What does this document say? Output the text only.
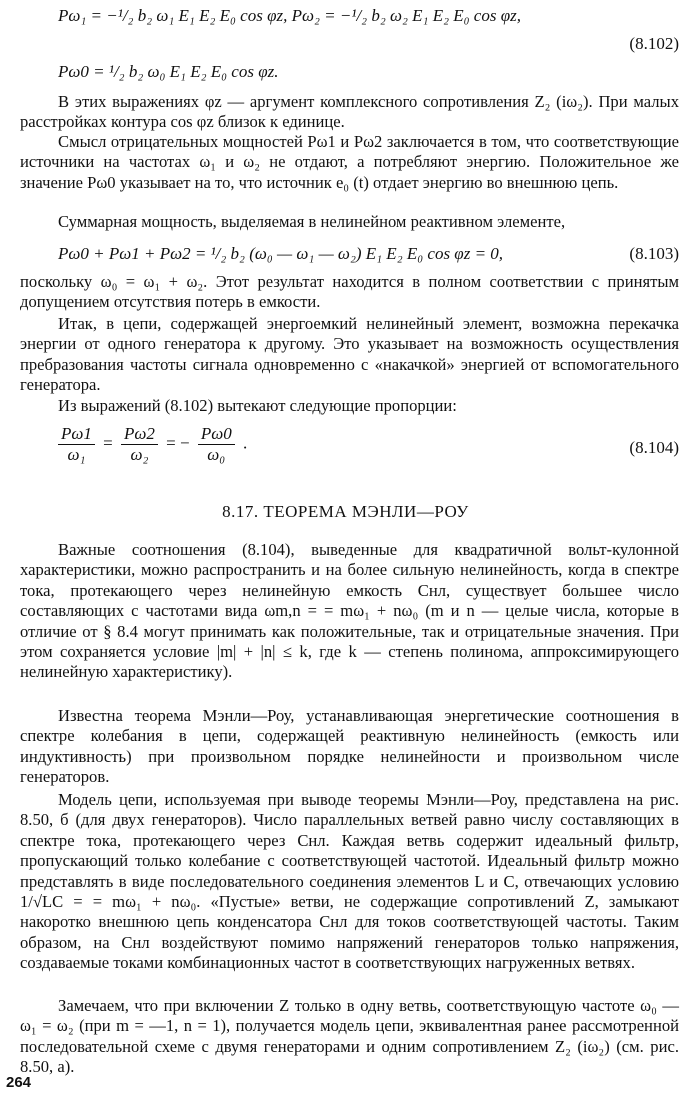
Pω₁ = −¹/₂ b₂ ω₁ E₁ E₂ E₀ cos φz, Pω₂ = −¹/₂ b₂ ω₂ E₁ E₂ E₀ cos φz,
(8.102)
Pω0 = ¹/₂ b₂ ω₀ E₁ E₂ E₀ cos φz.

В этих выражениях φz — аргумент комплексного сопротивления Z₂ (iω₂). При малых расстройках контура cos φz близок к единице.

Смысл отрицательных мощностей Pω1 и Pω2 заключается в том, что соответствующие источники на частотах ω₁ и ω₂ не отдают, а потребляют энергию. Положительное же значение Pω0 указывает на то, что источник e₀ (t) отдает энергию во внешнюю цепь.

Суммарная мощность, выделяемая в нелинейном реактивном элементе,

Pω0 + Pω1 + Pω2 = ¹/₂ b₂ (ω₀ — ω₁ — ω₂) E₁ E₂ E₀ cos φz = 0,	(8.103)

поскольку ω₀ = ω₁ + ω₂. Этот результат находится в полном соответствии с принятым допущением отсутствия потерь в емкости.

Итак, в цепи, содержащей энергоемкий нелинейный элемент, возможна перекачка энергии от одного генератора к другому. Это указывает на возможность осуществления пребразования частоты сигнала одновременно с «накачкой» энергией от вспомогательного генератора.

Из выражений (8.102) вытекают следующие пропорции:

$\frac{P\omega 1}{\text{ω₁}} = \frac{P\omega 2}{\text{ω₂}}$ = − $\frac{P\omega 0}{\text{ω₀}}$ .	(8.104)
8.17. ТЕОРЕМА МЭНЛИ—РОУ

Важные соотношения (8.104), выведенные для квадратичной вольт-кулонной характеристики, можно распространить и на более сильную нелинейность, когда в спектре тока, протекающего через нелинейную емкость Cнл, существует большее число составляющих с частотами вида ωm,n = = mω₁ + nω₀ (m и n — целые числа, которые в отличие от § 8.4 могут принимать как положительные, так и отрицательные значения. При этом сохраняется условие |m| + |n| ≤ k, где k — степень полинома, аппроксимирующего нелинейную характеристику).

Известна теорема Мэнли—Роу, устанавливающая энергетические соотношения в спектре колебания в цепи, содержащей реактивную нелинейность (емкость или индуктивность) при произвольном порядке нелинейности и произвольном числе генераторов.

Модель цепи, используемая при выводе теоремы Мэнли—Роу, представлена на рис. 8.50, б (для двух генераторов). Число параллельных ветвей равно числу составляющих в спектре тока, протекающего через Cнл. Каждая ветвь содержит идеальный фильтр, пропускающий только колебание с соответствующей частотой. Идеальный фильтр можно представлять в виде последовательного соединения элементов L и C, отвечающих условию 1/√LC = = mω₁ + nω₀. «Пустые» ветви, не содержащие сопротивлений Z, замыкают накоротко внешнюю цепь конденсатора Cнл для токов соответствующей частоты. Таким образом, на Cнл воздействуют помимо напряжений генераторов только напряжения, создаваемые токами комбинационных частот в соответствующих нагруженных ветвях.

Замечаем, что при включении Z только в одну ветвь, соответствующую частоте ω₀ — ω₁ = ω₂ (при m = —1, n = 1), получается модель цепи, эквивалентная ранее рассмотренной последовательной схеме с двумя генераторами и одним сопротивлением Z₂ (iω₂) (см. рис. 8.50, а).

264
